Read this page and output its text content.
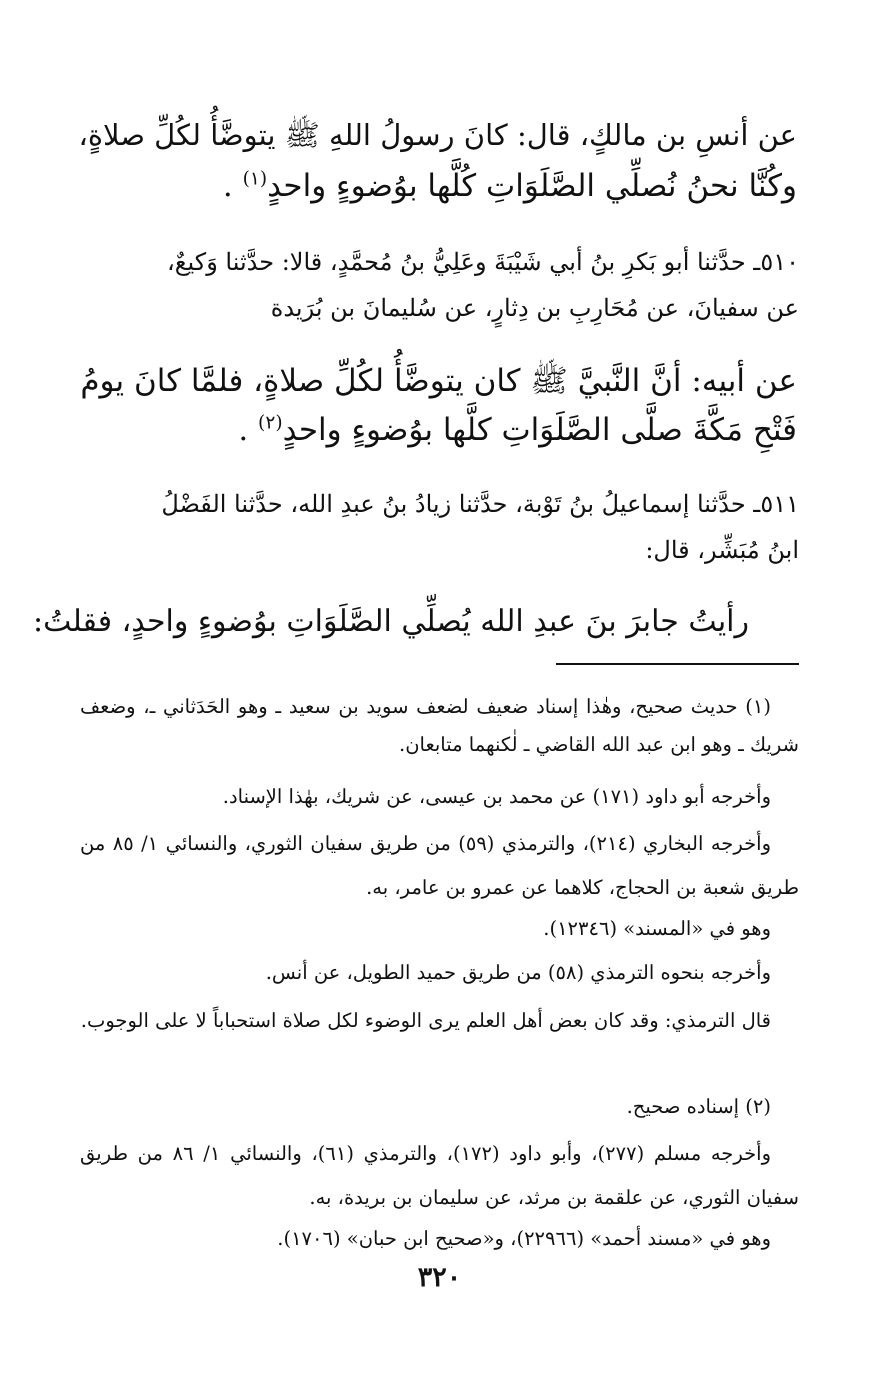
عن أنسِ بن مالكٍ، قال: كانَ رسولُ اللهِ ﷺ يتوضَّأُ لكُلِّ صلاةٍ،

وكُنَّا نحنُ نُصلِّي الصَّلَوَاتِ كُلَّها بوُضوءٍ واحدٍ$^{(١)}$ .

٥١٠ـ حدَّثنا أبو بَكرِ بنُ أبي شَيْبَةَ وعَلِيُّ بنُ مُحمَّدٍ، قالا: حدَّثنا وَكيعٌ،

عن سفيانَ، عن مُحَارِبِ بن دِثارٍ، عن سُليمانَ بن بُرَيدة

عن أبيه: أنَّ النَّبيَّ ﷺ كان يتوضَّأُ لكُلِّ صلاةٍ، فلمَّا كانَ يومُ

فَتْحِ مَكَّةَ صلَّى الصَّلَوَاتِ كلَّها بوُضوءٍ واحدٍ$^{(٢)}$ .

٥١١ـ حدَّثنا إسماعيلُ بنُ تَوْبة، حدَّثنا زيادُ بنُ عبدِ الله، حدَّثنا الفَضْلُ

ابنُ مُبَشِّر، قال:

رأيتُ جابرَ بنَ عبدِ الله يُصلِّي الصَّلَوَاتِ بوُضوءٍ واحدٍ، فقلتُ:

(١) حديث صحيح، وهٰذا إسناد ضعيف لضعف سويد بن سعيد ـ وهو الحَدَثاني ـ، وضعف شريك ـ وهو ابن عبد الله القاضي ـ لٰكنهما متابعان.

وأخرجه أبو داود (١٧١) عن محمد بن عيسى، عن شريك، بهٰذا الإسناد.

وأخرجه البخاري (٢١٤)، والترمذي (٥٩) من طريق سفيان الثوري، والنسائي ١/ ٨٥ من طريق شعبة بن الحجاج، كلاهما عن عمرو بن عامر، به.

وهو في «المسند» (١٢٣٤٦).

وأخرجه بنحوه الترمذي (٥٨) من طريق حميد الطويل، عن أنس.

قال الترمذي: وقد كان بعض أهل العلم يرى الوضوء لكل صلاة استحباباً لا على الوجوب.

(٢) إسناده صحيح.

وأخرجه مسلم (٢٧٧)، وأبو داود (١٧٢)، والترمذي (٦١)، والنسائي ١/ ٨٦ من طريق سفيان الثوري، عن علقمة بن مرثد، عن سليمان بن بريدة، به.

وهو في «مسند أحمد» (٢٢٩٦٦)، و«صحيح ابن حبان» (١٧٠٦).

٣٢٠
